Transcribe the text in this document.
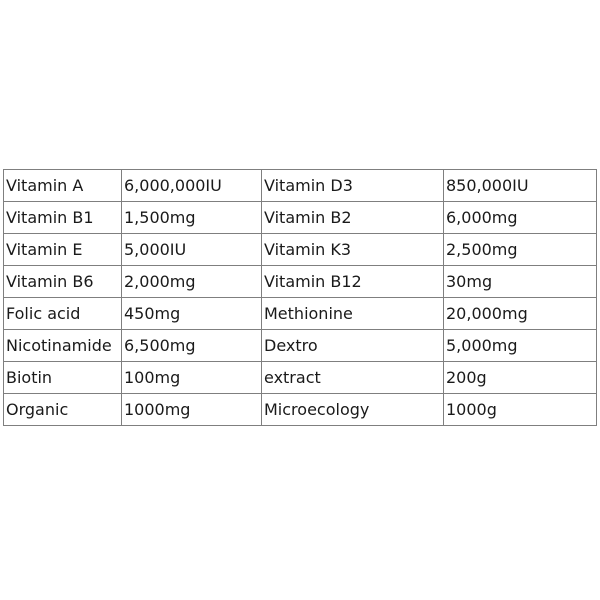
Vitamin A	6,000,000IU	Vitamin D3	850,000IU
Vitamin B1	1,500mg	Vitamin B2	6,000mg
Vitamin E	5,000IU	Vitamin K3	2,500mg
Vitamin B6	2,000mg	Vitamin B12	30mg
Folic acid	450mg	Methionine	20,000mg
Nicotinamide	6,500mg	Dextro	5,000mg
Biotin	100mg	extract	200g
Organic	1000mg	Microecology	1000g
